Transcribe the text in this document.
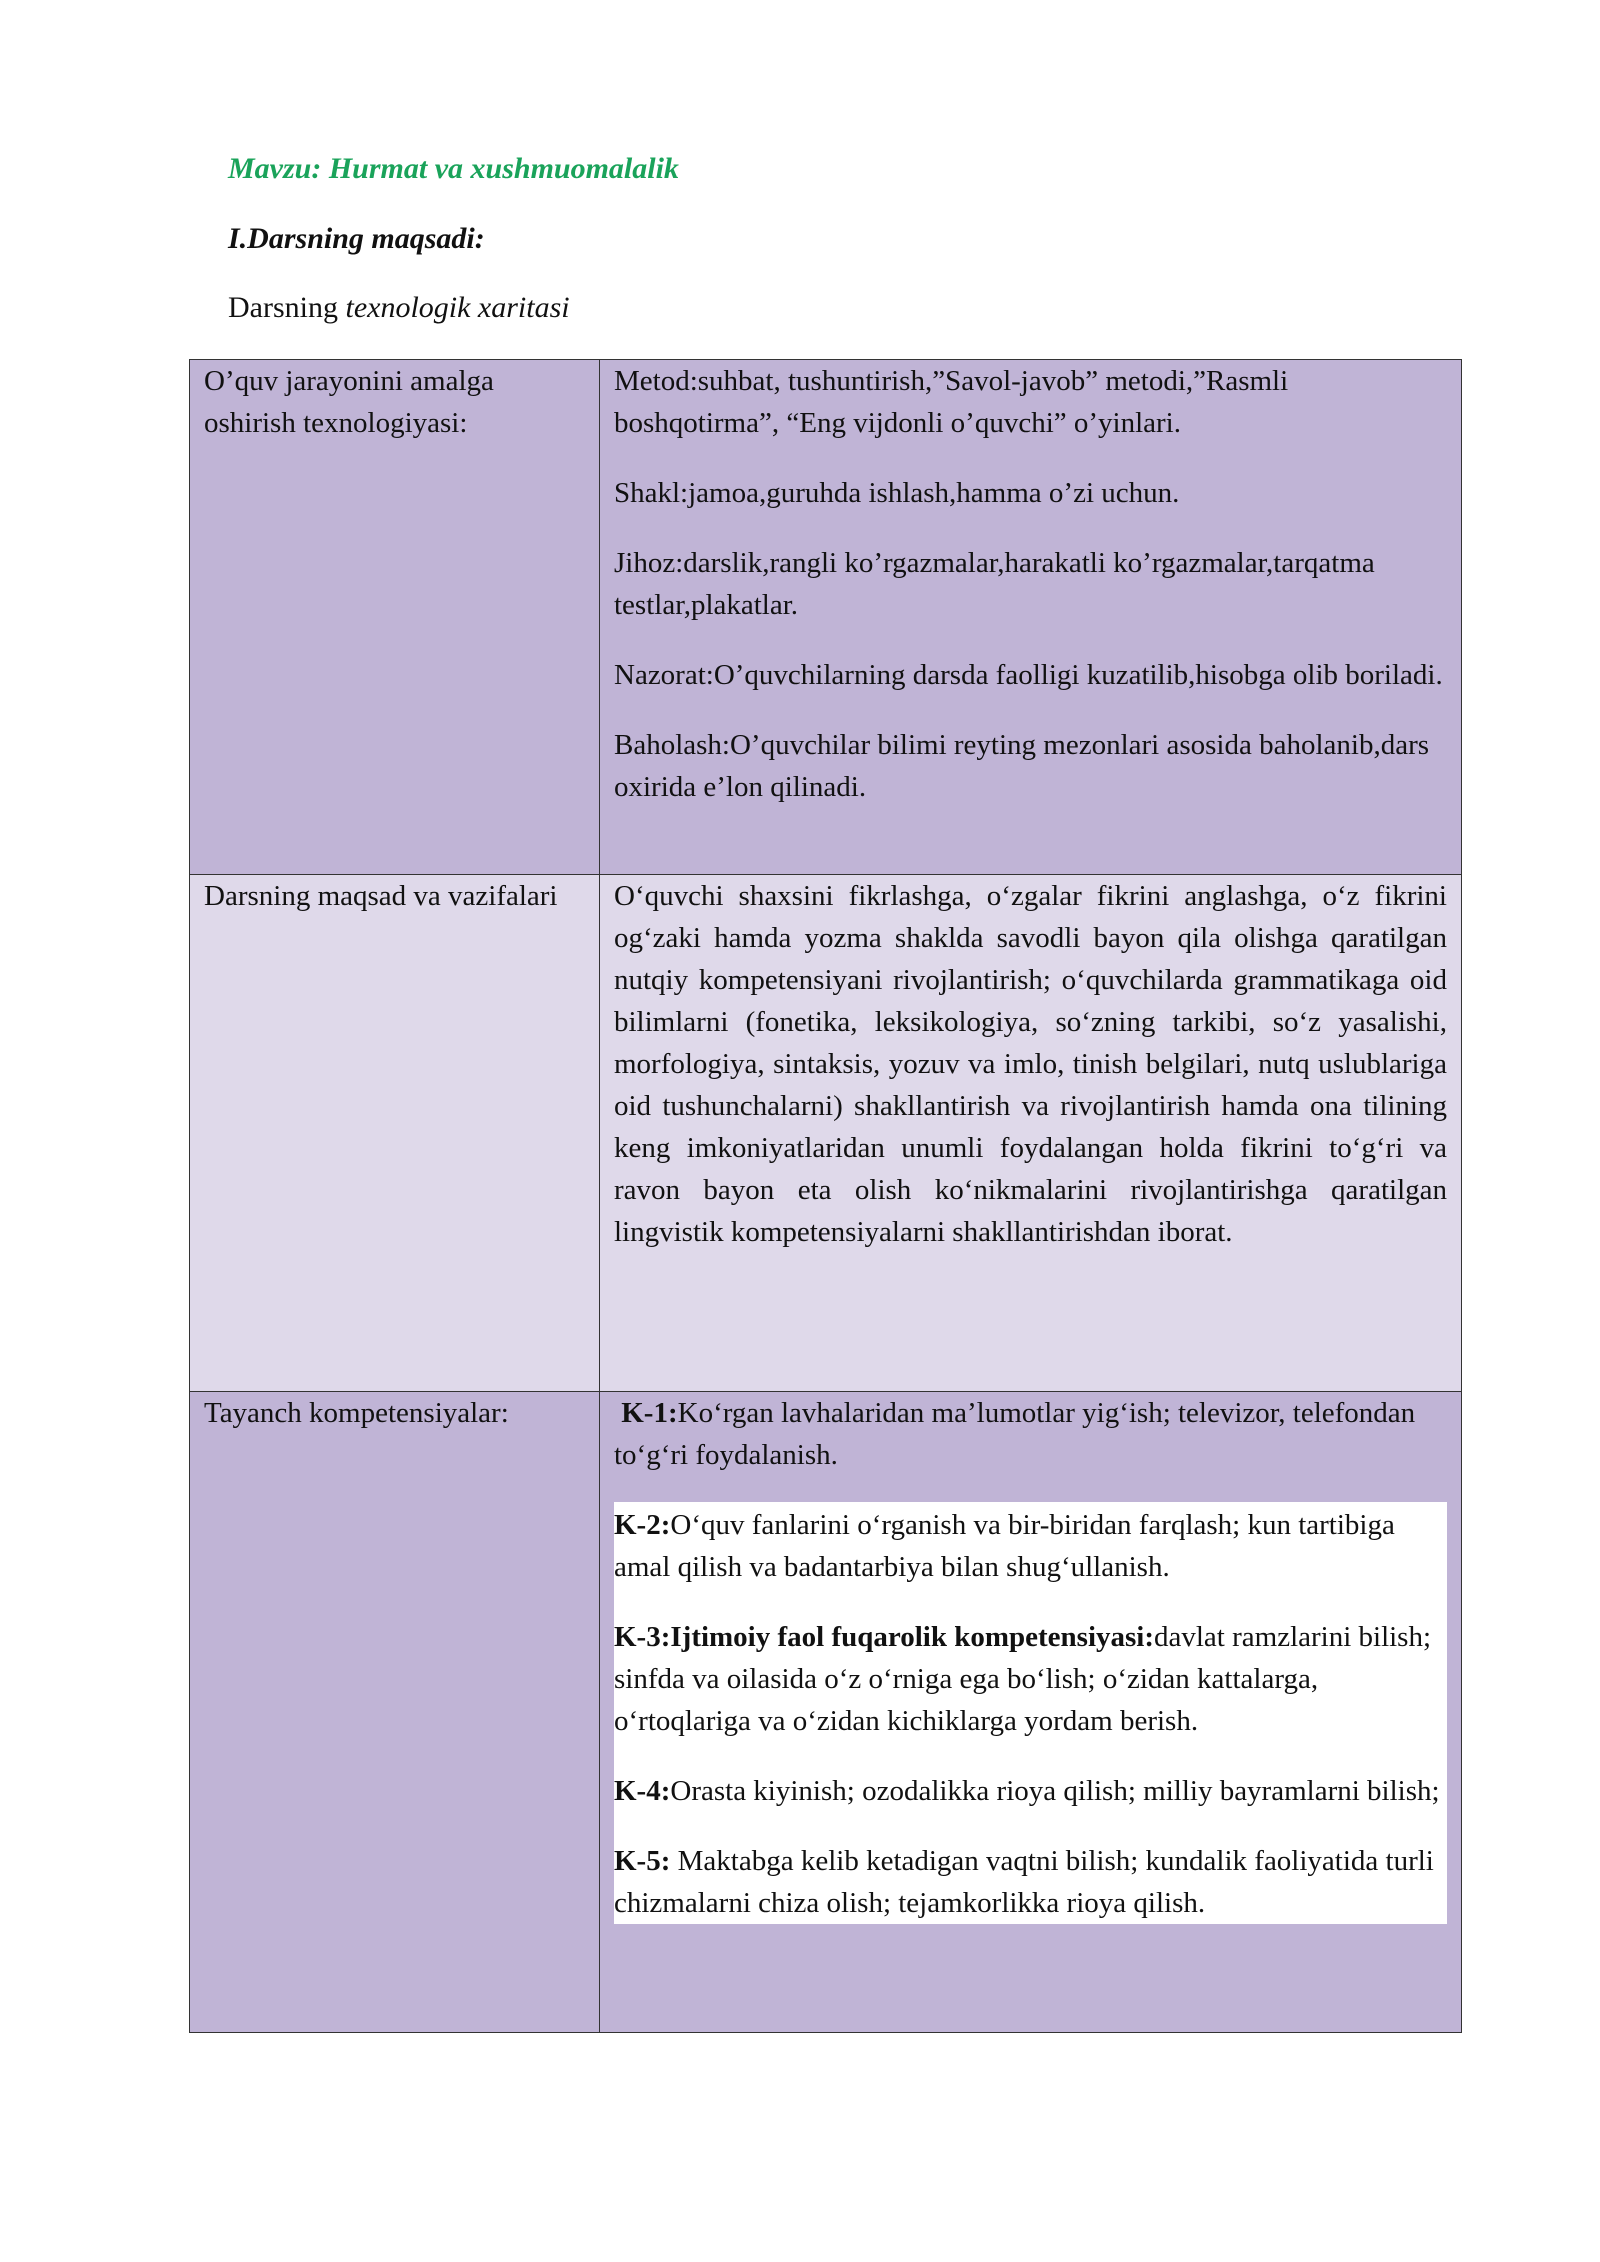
Mavzu: Hurmat va xushmuomalalik

I.Darsning maqsadi:

Darsning texnologik xaritasi

O’quv jarayonini amalga oshirish texnologiyasi:	Metod:suhbat, tushuntirish,”Savol-javob” metodi,”Rasmli boshqotirma”, “Eng vijdonli o’quvchi” o’yinlari.

Shakl:jamoa,guruhda ishlash,hamma o’zi uchun.

Jihoz:darslik,rangli ko’rgazmalar,harakatli ko’rgazmalar,tarqatma testlar,plakatlar.

Nazorat:O’quvchilarning darsda faolligi kuzatilib,hisobga olib boriladi.

Baholash:O’quvchilar bilimi reyting mezonlari asosida baholanib,dars oxirida e’lon qilinadi.

Darsning maqsad va vazifalari	O‘quvchi shaxsini fikrlashga, o‘zgalar fikrini anglashga, o‘z fikrini og‘zaki hamda yozma shaklda savodli bayon qila olishga qaratilgan nutqiy kompetensiyani rivojlantirish; o‘quvchilarda grammatikaga oid bilimlarni (fonetika, leksikologiya, so‘zning tarkibi, so‘z yasalishi, morfologiya, sintaksis, yozuv va imlo, tinish belgilari, nutq uslublariga oid tushunchalarni) shakllantirish va rivojlantirish hamda ona tilining keng imkoniyatlaridan unumli foydalangan holda fikrini to‘g‘ri va ravon bayon eta olish ko‘nikmalarini rivojlantirishga qaratilgan lingvistik kompetensiyalarni shakllantirishdan iborat.

Tayanch kompetensiyalar:	K-1:Ko‘rgan lavhalaridan ma’lumotlar yig‘ish; televizor, telefondan to‘g‘ri foydalanish.

K-2:O‘quv fanlarini o‘rganish va bir-biridan farqlash; kun tartibiga amal qilish va badantarbiya bilan shug‘ullanish.

K-3:Ijtimoiy faol fuqarolik kompetensiyasi:davlat ramzlarini bilish; sinfda va oilasida o‘z o‘rniga ega bo‘lish; o‘zidan kattalarga, o‘rtoqlariga va o‘zidan kichiklarga yordam berish.

K-4:Orasta kiyinish; ozodalikka rioya qilish; milliy bayramlarni bilish;

K-5: Maktabga kelib ketadigan vaqtni bilish; kundalik faoliyatida turli chizmalarni chiza olish; tejamkorlikka rioya qilish.
